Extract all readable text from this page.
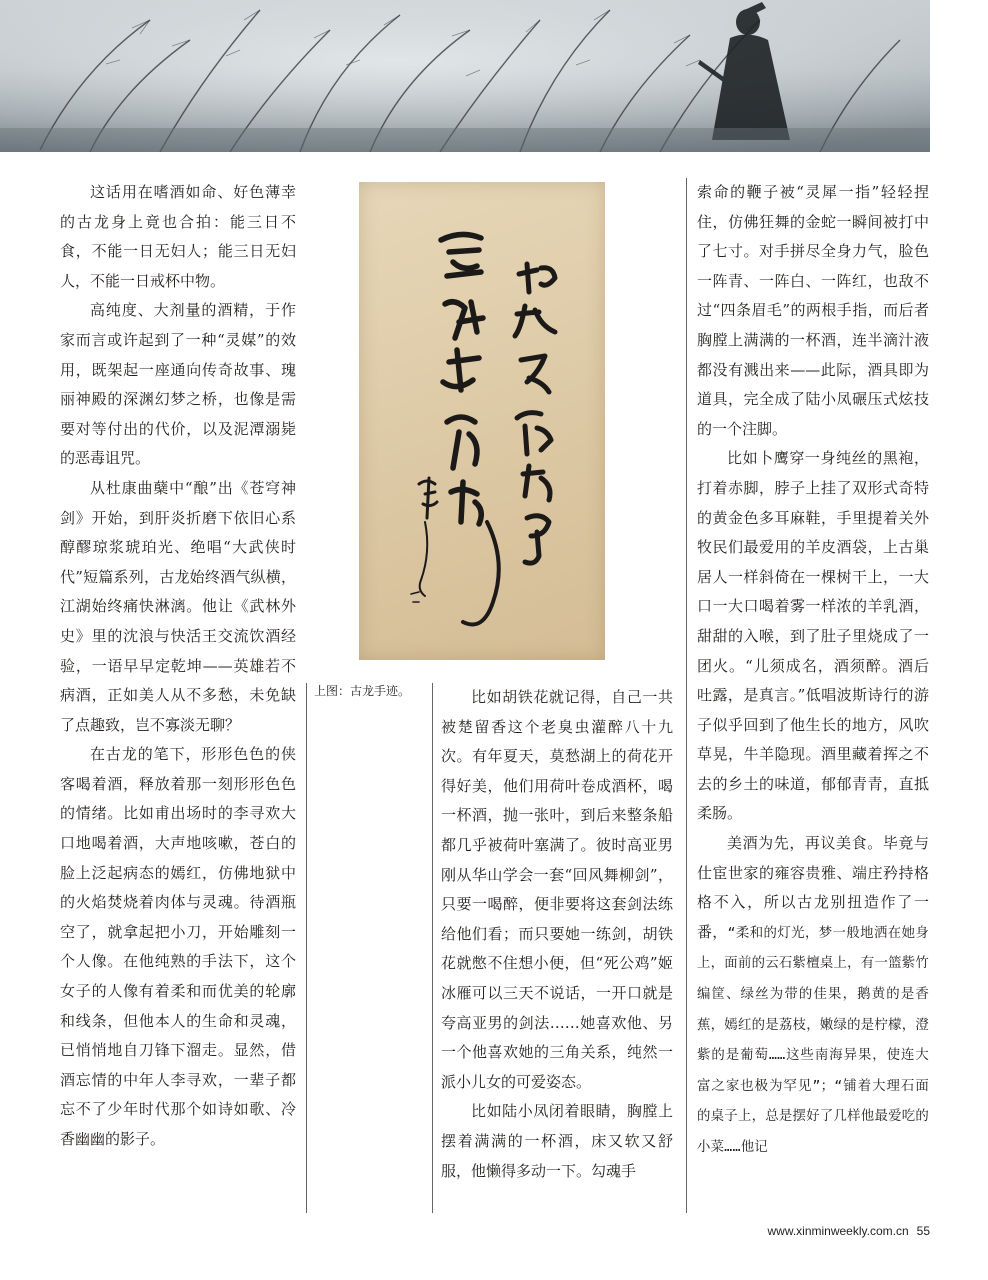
这话用在嗜酒如命、好色薄幸的古龙身上竟也合拍：能三日不食，不能一日无妇人；能三日无妇人，不能一日戒杯中物。

高纯度、大剂量的酒精，于作家而言或许起到了一种“灵媒”的效用，既架起一座通向传奇故事、瑰丽神殿的深渊幻梦之桥，也像是需要对等付出的代价，以及泥潭溺毙的恶毒诅咒。

从杜康曲蘖中“酿”出《苍穹神剑》开始，到肝炎折磨下依旧心系醇醪琼浆琥珀光、绝唱“大武侠时代”短篇系列，古龙始终酒气纵横，江湖始终痛快淋漓。他让《武林外史》里的沈浪与快活王交流饮酒经验，一语早早定乾坤——英雄若不病酒，正如美人从不多愁，未免缺了点趣致，岂不寡淡无聊？

在古龙的笔下，形形色色的侠客喝着酒，释放着那一刻形形色色的情绪。比如甫出场时的李寻欢大口地喝着酒，大声地咳嗽，苍白的脸上泛起病态的嫣红，仿佛地狱中的火焰焚烧着肉体与灵魂。待酒瓶空了，就拿起把小刀，开始雕刻一个人像。在他纯熟的手法下，这个女子的人像有着柔和而优美的轮廓和线条，但他本人的生命和灵魂，已悄悄地自刀锋下溜走。显然，借酒忘情的中年人李寻欢，一辈子都忘不了少年时代那个如诗如歌、冷香幽幽的影子。

上图：古龙手迹。	比如胡铁花就记得，自己一共被楚留香这个老臭虫灌醉八十九次。有年夏天，莫愁湖上的荷花开得好美，他们用荷叶卷成酒杯，喝一杯酒，抛一张叶，到后来整条船都几乎被荷叶塞满了。彼时高亚男刚从华山学会一套“回风舞柳剑”，只要一喝醉，便非要将这套剑法练给他们看；而只要她一练剑，胡铁花就憋不住想小便，但“死公鸡”姬冰雁可以三天不说话，一开口就是夸高亚男的剑法……她喜欢他、另一个他喜欢她的三角关系，纯然一派小儿女的可爱姿态。

比如陆小凤闭着眼睛，胸膛上摆着满满的一杯酒，床又软又舒服，他懒得多动一下。勾魂手

索命的鞭子被“灵犀一指”轻轻捏住，仿佛狂舞的金蛇一瞬间被打中了七寸。对手拼尽全身力气，脸色一阵青、一阵白、一阵红，也敌不过“四条眉毛”的两根手指，而后者胸膛上满满的一杯酒，连半滴汁液都没有溅出来——此际，酒具即为道具，完全成了陆小凤碾压式炫技的一个注脚。

比如卜鹰穿一身纯丝的黑袍，打着赤脚，脖子上挂了双形式奇特的黄金色多耳麻鞋，手里提着关外牧民们最爱用的羊皮酒袋，上古巢居人一样斜倚在一棵树干上，一大口一大口喝着雾一样浓的羊乳酒，甜甜的入喉，到了肚子里烧成了一团火。“儿须成名，酒须醉。酒后吐露，是真言。”低唱波斯诗行的游子似乎回到了他生长的地方，风吹草晃，牛羊隐现。酒里藏着挥之不去的乡土的味道，郁郁青青，直抵柔肠。

美酒为先，再议美食。毕竟与仕宦世家的雍容贵雅、端庄矜持格格不入，所以古龙别扭造作了一番，“柔和的灯光，梦一般地洒在她身上，面前的云石紫檀桌上，有一篮紫竹编筐、绿丝为带的佳果，鹅黄的是香蕉，嫣红的是荔枝，嫩绿的是柠檬，澄紫的是葡萄……这些南海异果，使连大富之家也极为罕见”；“铺着大理石面的桌子上，总是摆好了几样他最爱吃的小菜……他记

www.xinminweekly.com.cn 55
